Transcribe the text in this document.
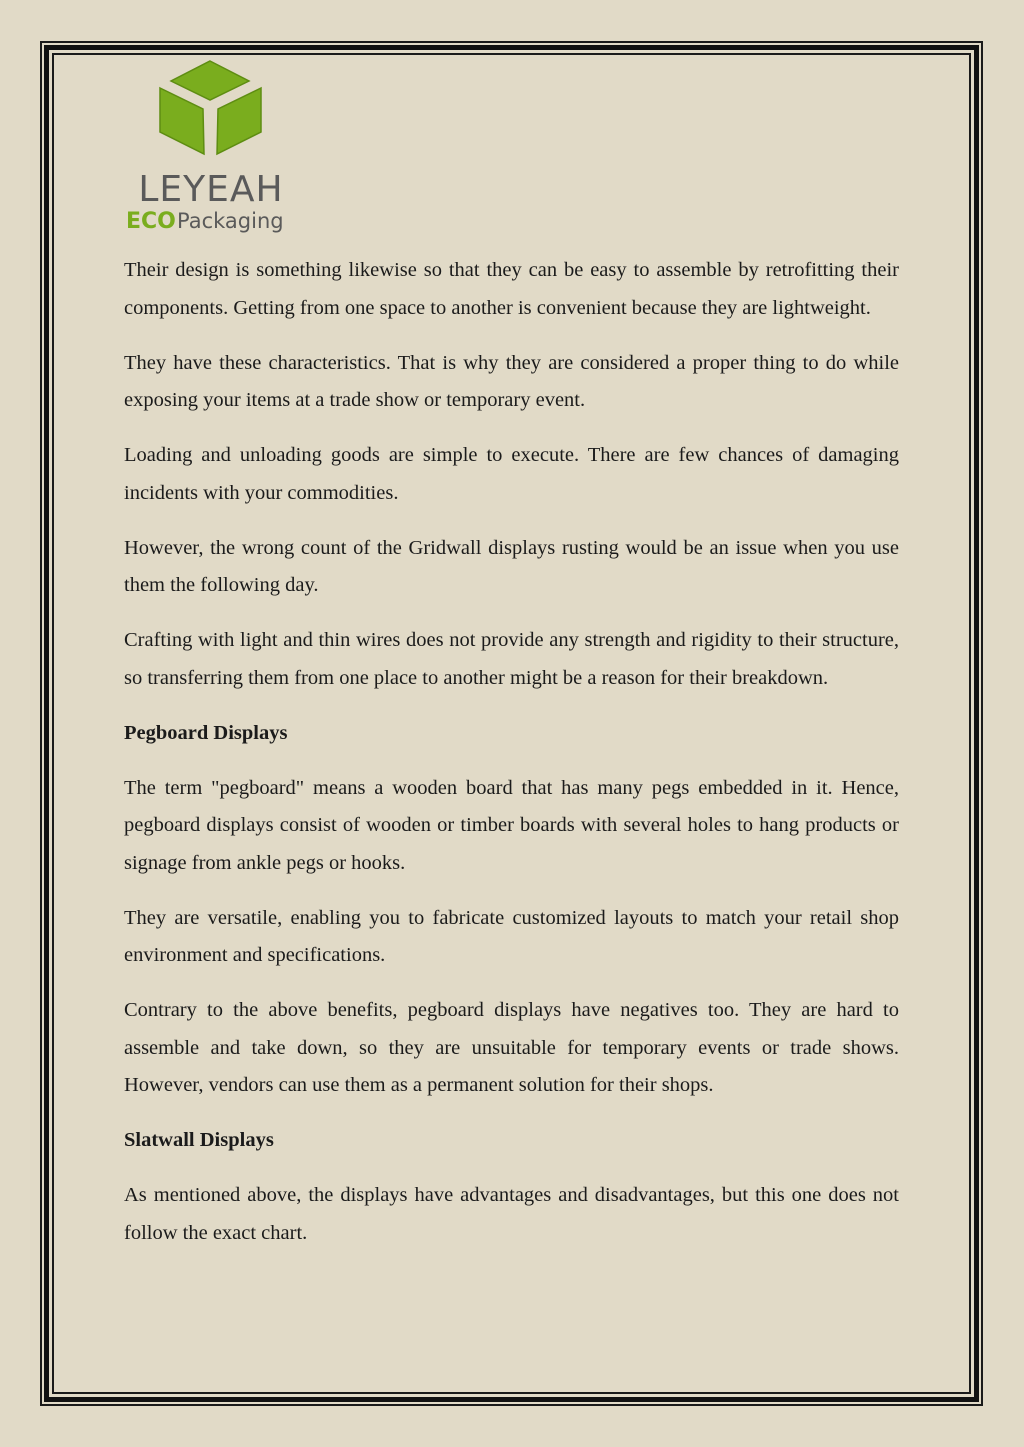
LEYEAH
ECO Packaging

Their design is something likewise so that they can be easy to assemble by retrofitting their components. Getting from one space to another is convenient because they are lightweight.

They have these characteristics. That is why they are considered a proper thing to do while exposing your items at a trade show or temporary event.

Loading and unloading goods are simple to execute. There are few chances of damaging incidents with your commodities.

However, the wrong count of the Gridwall displays rusting would be an issue when you use them the following day.

Crafting with light and thin wires does not provide any strength and rigidity to their structure, so transferring them from one place to another might be a reason for their breakdown.

Pegboard Displays

The term "pegboard" means a wooden board that has many pegs embedded in it. Hence, pegboard displays consist of wooden or timber boards with several holes to hang products or signage from ankle pegs or hooks.

They are versatile, enabling you to fabricate customized layouts to match your retail shop environment and specifications.

Contrary to the above benefits, pegboard displays have negatives too. They are hard to assemble and take down, so they are unsuitable for temporary events or trade shows. However, vendors can use them as a permanent solution for their shops.

Slatwall Displays

As mentioned above, the displays have advantages and disadvantages, but this one does not follow the exact chart.
